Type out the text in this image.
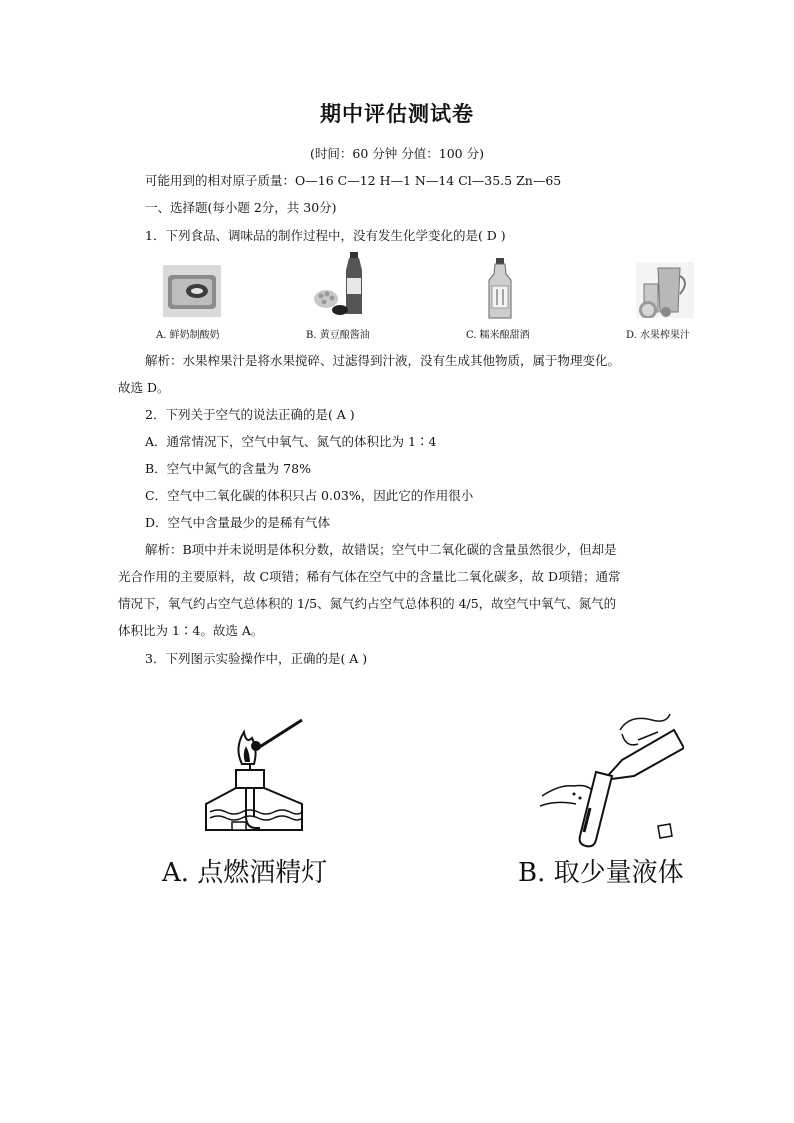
期中评估测试卷
(时间：60 分钟 分值：100 分)
可能用到的相对原子质量：O—16 C—12 H—1 N—14 Cl—35.5 Zn—65
一、选择题(每小题 2分，共 30分)
1．下列食品、调味品的制作过程中，没有发生化学变化的是( D )
A. 鲜奶制酸奶	B. 黄豆酿酱油	C. 糯米酿甜酒	D. 水果榨果汁
解析：水果榨果汁是将水果搅碎、过滤得到汁液，没有生成其他物质，属于物理变化。
故选 D。
2．下列关于空气的说法正确的是( A )
A．通常情况下，空气中氧气、氮气的体积比为 1∶4
B．空气中氮气的含量为 78%
C．空气中二氧化碳的体积只占 0.03%，因此它的作用很小
D．空气中含量最少的是稀有气体
解析：B项中并未说明是体积分数，故错误；空气中二氧化碳的含量虽然很少，但却是
光合作用的主要原料，故 C项错；稀有气体在空气中的含量比二氧化碳多，故 D项错；通常
情况下，氧气约占空气总体积的 1/5、氮气约占空气总体积的 4/5，故空气中氧气、氮气的
体积比为 1∶4。故选 A。
3．下列图示实验操作中，正确的是( A )
A. 点燃酒精灯	B. 取少量液体
